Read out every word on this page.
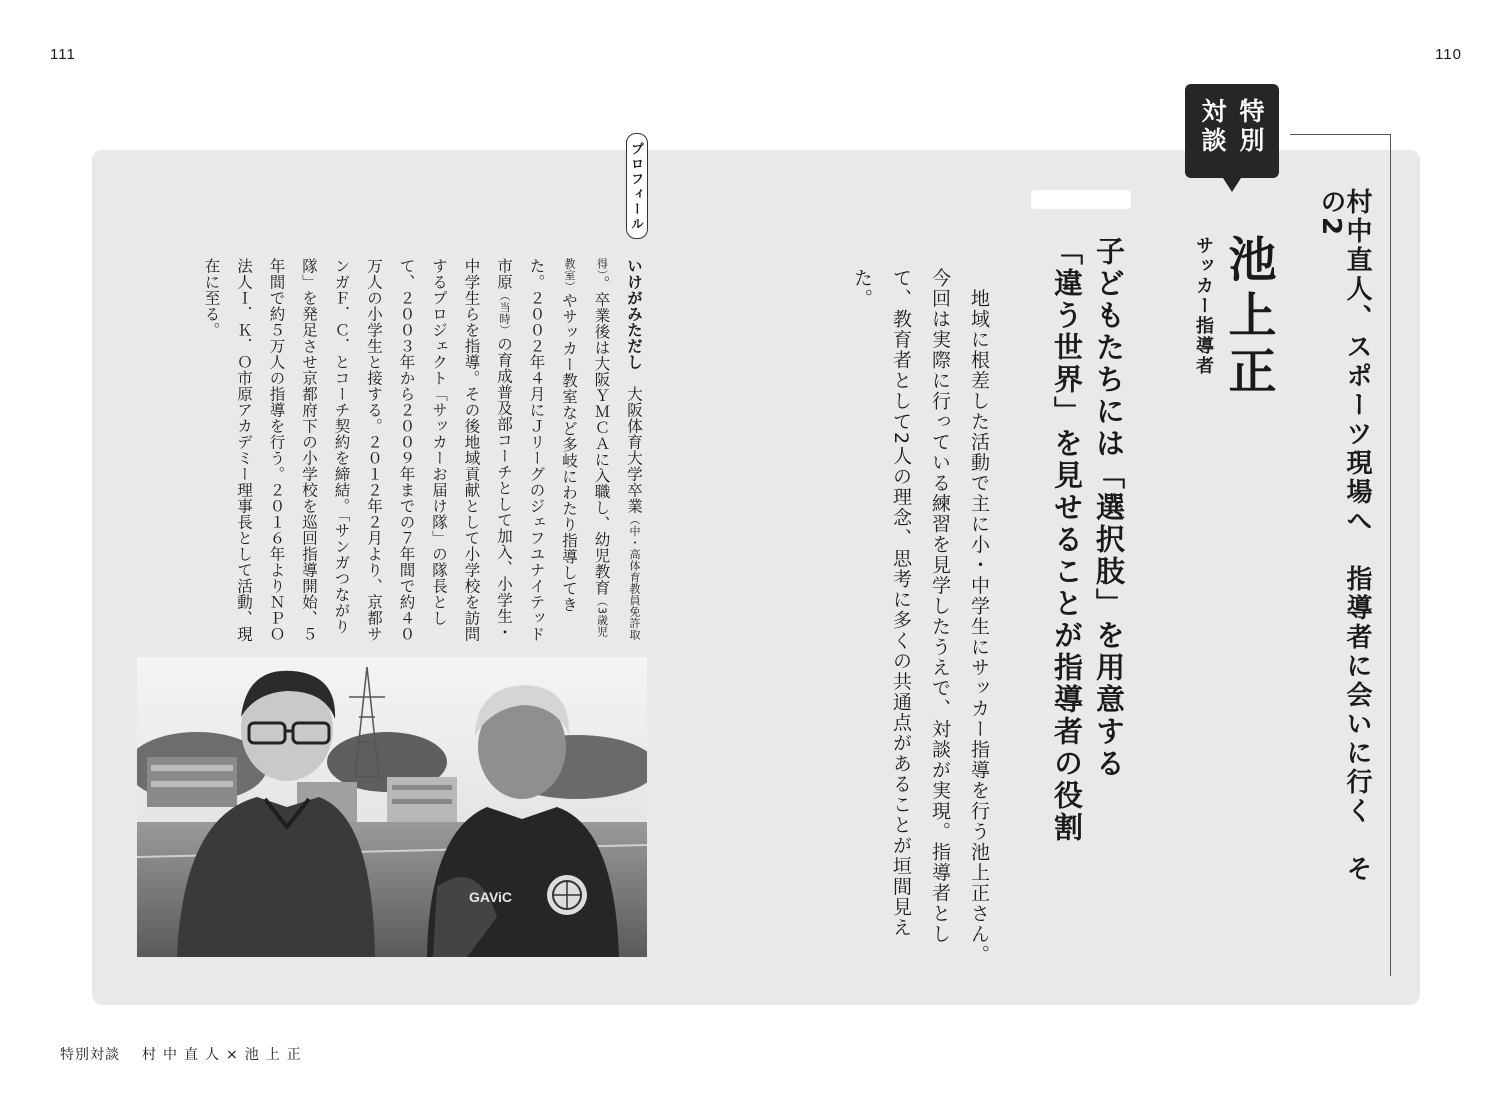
111	110
特別
対談
村中直人、スポーツ現場へ　指導者に会いに行く　その2
池上正
サッカー指導者
子どもたちには「選択肢」を用意する
「違う世界」を見せることが指導者の役割
　地域に根差した活動で主に小・中学生にサッカー指導を行う池上正さん。今回は実際に行っている練習を見学したうえで、対談が実現。指導者として、教育者として2人の理念、思考に多くの共通点があることが垣間見えた。
プロフィール
いけがみただし　大阪体育大学卒業（中・高体育教員免許取得）。卒業後は大阪ＹＭＣＡに入職し、幼児教育（3歳児教室）やサッカー教室など多岐にわたり指導してきた。２００２年４月にＪリーグのジェフユナイテッド市原（当時）の育成普及部コーチとして加入、小学生・中学生らを指導。その後地域貢献として小学校を訪問するプロジェクト「サッカーお届け隊」の隊長として、２００３年から２００９年までの７年間で約４０万人の小学生と接する。２０１２年２月より、京都サンガＦ．Ｃ．とコーチ契約を締結。「サンガつながり隊」を発足させ京都府下の小学校を巡回指導開始、５年間で約５万人の指導を行う。２０１６年よりＮＰＯ法人Ｉ．Ｋ．Ｏ市原アカデミー理事長として活動、現在に至る。
GAViC
特別対談 村中直人×池上正
